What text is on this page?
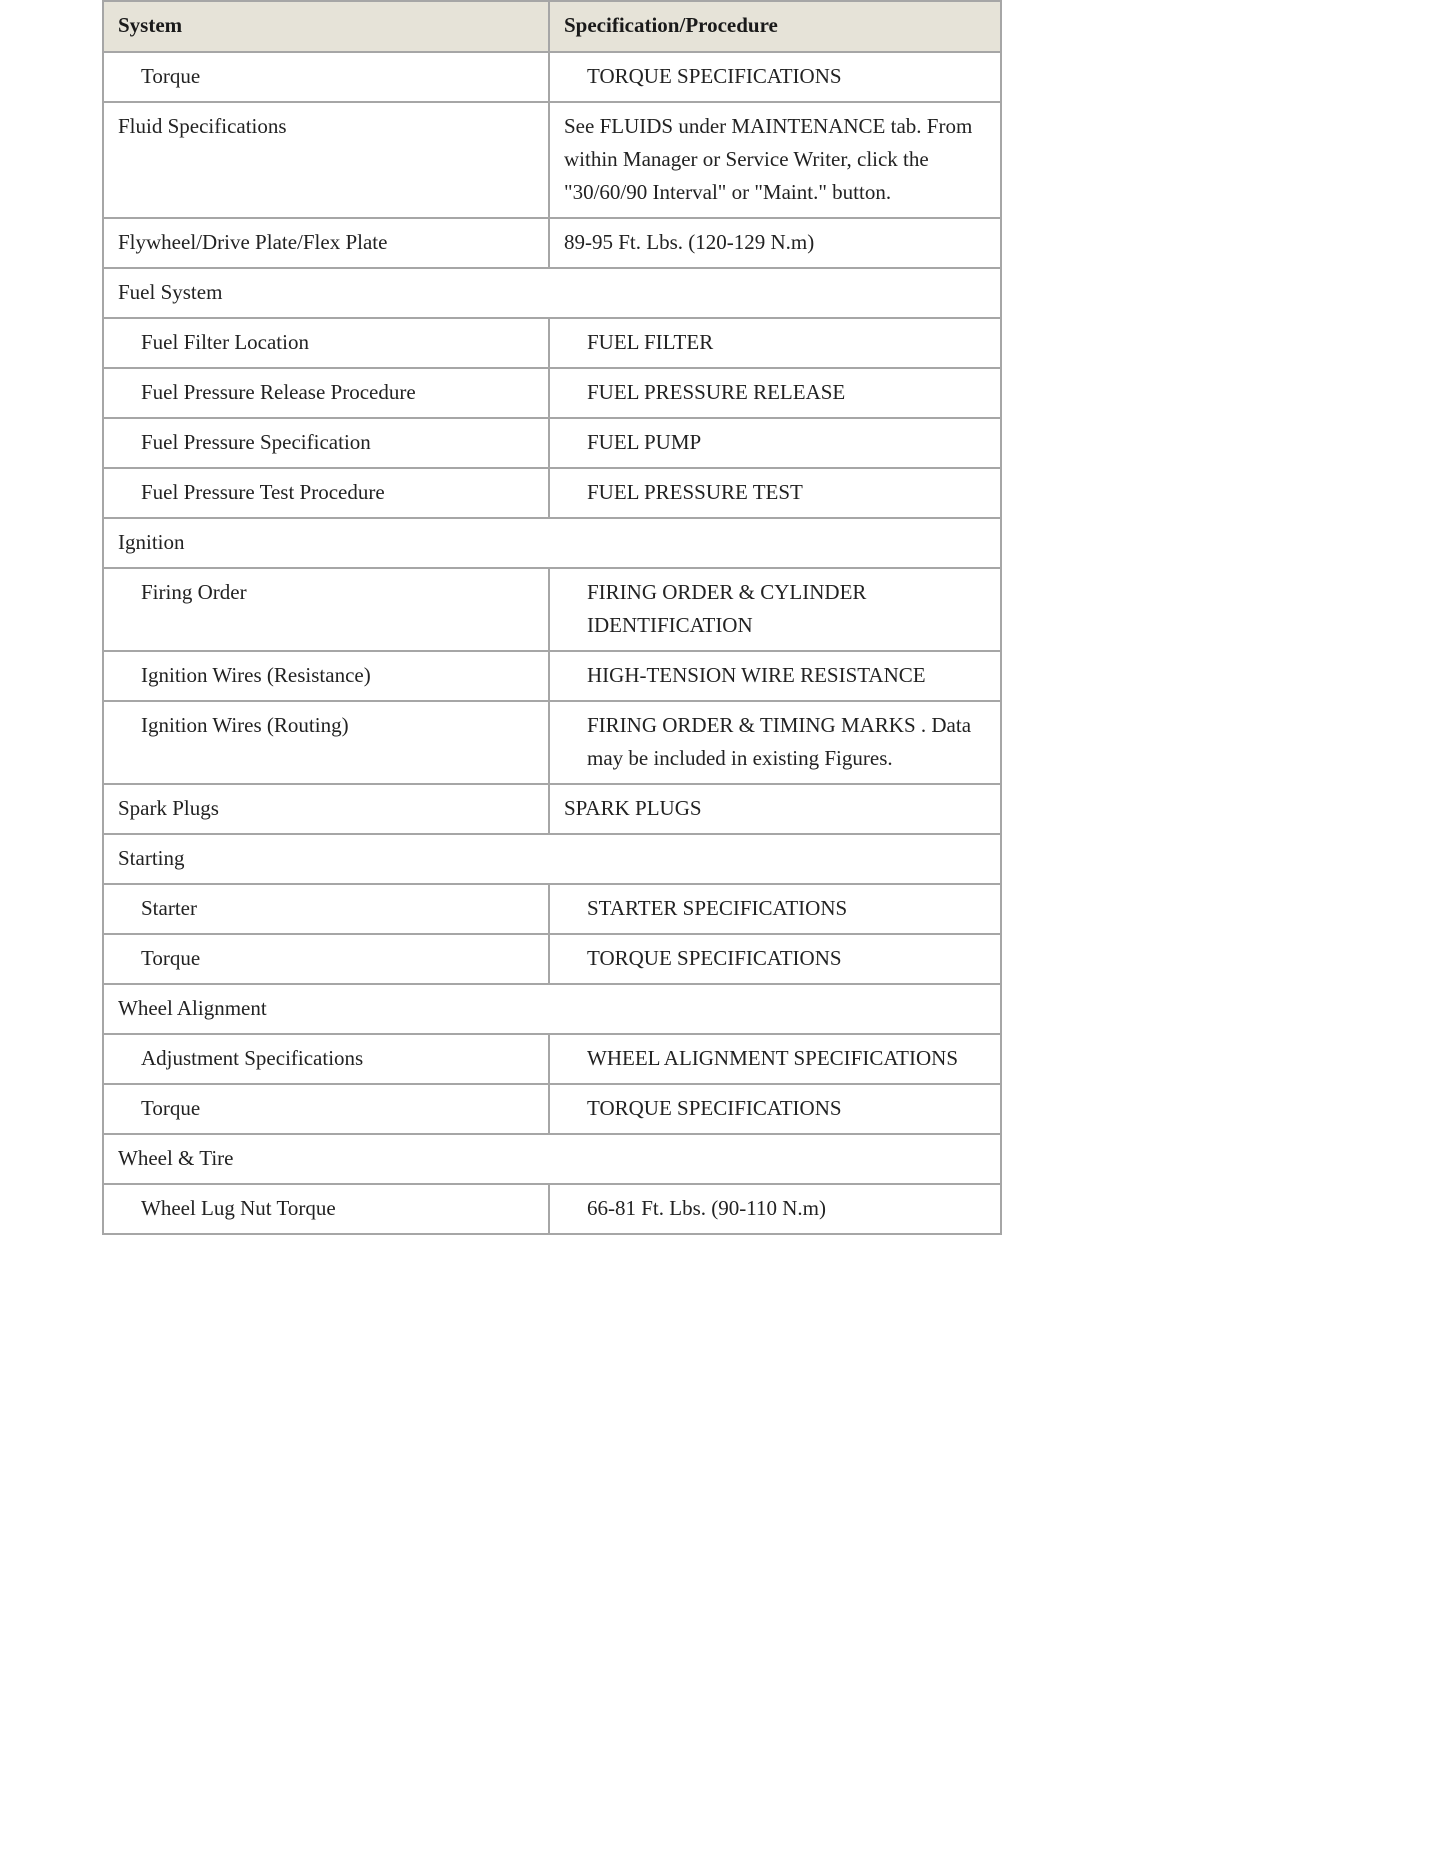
System	Specification/Procedure
Torque	TORQUE SPECIFICATIONS
Fluid Specifications	See FLUIDS under MAINTENANCE tab. From within Manager or Service Writer, click the "30/60/90 Interval" or "Maint." button.
Flywheel/Drive Plate/Flex Plate	89-95 Ft. Lbs. (120-129 N.m)
Fuel System	
Fuel Filter Location	FUEL FILTER
Fuel Pressure Release Procedure	FUEL PRESSURE RELEASE
Fuel Pressure Specification	FUEL PUMP
Fuel Pressure Test Procedure	FUEL PRESSURE TEST
Ignition	
Firing Order	FIRING ORDER & CYLINDER IDENTIFICATION
Ignition Wires (Resistance)	HIGH-TENSION WIRE RESISTANCE
Ignition Wires (Routing)	FIRING ORDER & TIMING MARKS . Data may be included in existing Figures.
Spark Plugs	SPARK PLUGS
Starting	
Starter	STARTER SPECIFICATIONS
Torque	TORQUE SPECIFICATIONS
Wheel Alignment	
Adjustment Specifications	WHEEL ALIGNMENT SPECIFICATIONS
Torque	TORQUE SPECIFICATIONS
Wheel & Tire	
Wheel Lug Nut Torque	66-81 Ft. Lbs. (90-110 N.m)
